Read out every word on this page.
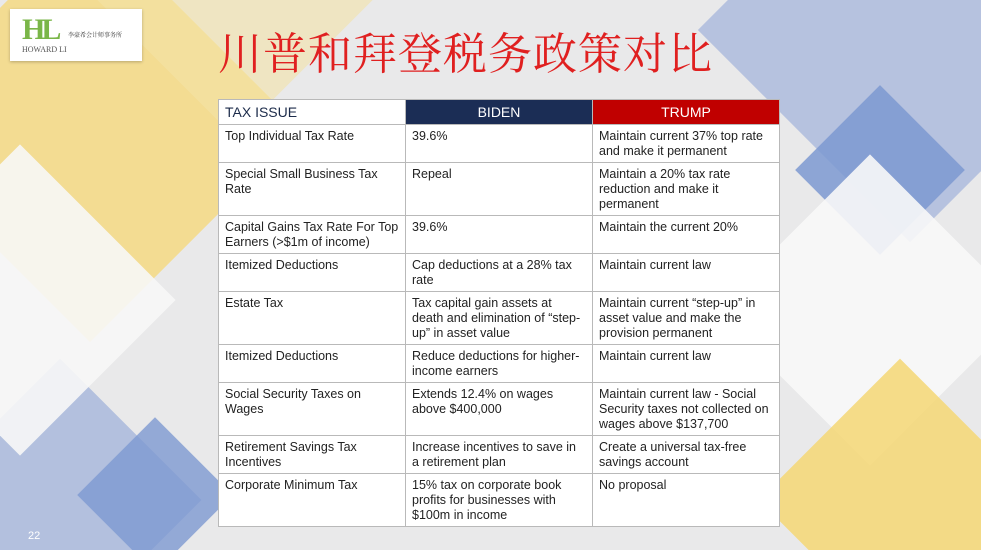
HL 李豪希会计师事务所
HOWARD LI	川普和拜登税务政策对比
TAX ISSUE	BIDEN	TRUMP
Top Individual Tax Rate	39.6%	Maintain current 37% top rate and make it permanent
Special Small Business Tax Rate	Repeal	Maintain a 20% tax rate reduction and make it permanent
Capital Gains Tax Rate For Top Earners (>$1m of income)	39.6%	Maintain the current 20%
Itemized Deductions	Cap deductions at a 28% tax rate	Maintain current law
Estate Tax	Tax capital gain assets at death and elimination of “step-up” in asset value	Maintain current “step-up” in asset value and make the provision permanent
Itemized Deductions	Reduce deductions for higher-income earners	Maintain current law
Social Security Taxes on Wages	Extends 12.4% on wages above $400,000	Maintain current law - Social Security taxes not collected on wages above $137,700
Retirement Savings Tax Incentives	Increase incentives to save in a retirement plan	Create a universal tax-free savings account
Corporate Minimum Tax	15% tax on corporate book profits for businesses with $100m in income	No proposal
22
